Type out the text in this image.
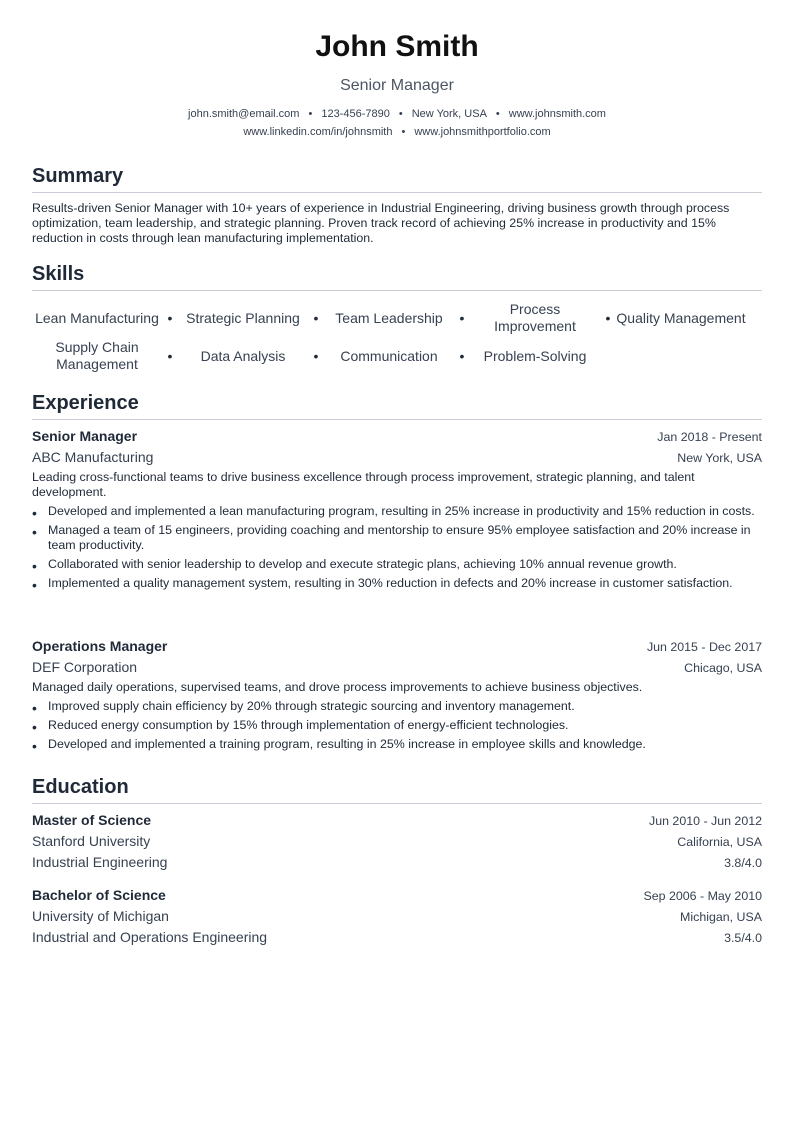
John Smith
Senior Manager
john.smith@email.com • 123-456-7890 • New York, USA • www.johnsmith.com
www.linkedin.com/in/johnsmith • www.johnsmithportfolio.com
Summary
Results-driven Senior Manager with 10+ years of experience in Industrial Engineering, driving business growth through process optimization, team leadership, and strategic planning. Proven track record of achieving 25% increase in productivity and 15% reduction in costs through lean manufacturing implementation.
Skills
Lean Manufacturing • Strategic Planning •	Team Leadership	•
Process Improvement	• Quality Management
Supply Chain Management	•	Data Analysis	•	Communication	•	Problem-Solving
Experience
Senior Manager	Jan 2018 - Present
ABC Manufacturing	New York, USA
Leading cross-functional teams to drive business excellence through process improvement, strategic planning, and talent development.
• Developed and implemented a lean manufacturing program, resulting in 25% increase in productivity and 15% reduction in costs.
• Managed a team of 15 engineers, providing coaching and mentorship to ensure 95% employee satisfaction and 20% increase in team productivity.
• Collaborated with senior leadership to develop and execute strategic plans, achieving 10% annual revenue growth.
• Implemented a quality management system, resulting in 30% reduction in defects and 20% increase in customer satisfaction.
Operations Manager	Jun 2015 - Dec 2017
DEF Corporation	Chicago, USA
Managed daily operations, supervised teams, and drove process improvements to achieve business objectives.
• Improved supply chain efficiency by 20% through strategic sourcing and inventory management.
• Reduced energy consumption by 15% through implementation of energy-efficient technologies.
• Developed and implemented a training program, resulting in 25% increase in employee skills and knowledge.
Education
Master of Science	Jun 2010 - Jun 2012
Stanford University	California, USA
Industrial Engineering	3.8/4.0
Bachelor of Science	Sep 2006 - May 2010
University of Michigan	Michigan, USA
Industrial and Operations Engineering	3.5/4.0
